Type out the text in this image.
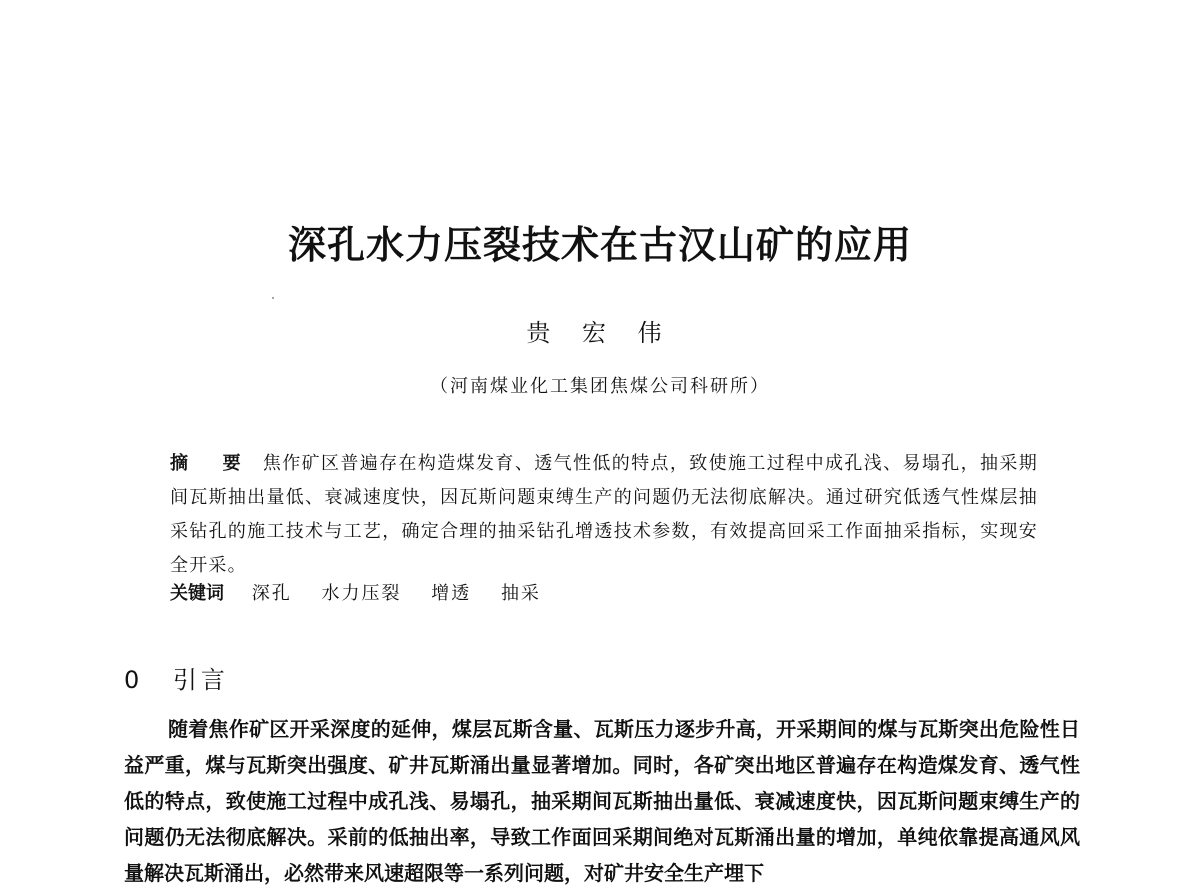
深孔水力压裂技术在古汉山矿的应用
贵 宏 伟
（河南煤业化工集团焦煤公司科研所）
摘 要 焦作矿区普遍存在构造煤发育、透气性低的特点，致使施工过程中成孔浅、易塌孔，抽采期间瓦斯抽出量低、衰减速度快，因瓦斯问题束缚生产的问题仍无法彻底解决。通过研究低透气性煤层抽采钻孔的施工技术与工艺，确定合理的抽采钻孔增透技术参数，有效提高回采工作面抽采指标，实现安全开采。
关键词 深孔 水力压裂 增透 抽采
0 引言
随着焦作矿区开采深度的延伸，煤层瓦斯含量、瓦斯压力逐步升高，开采期间的煤与瓦斯突出危险性日益严重，煤与瓦斯突出强度、矿井瓦斯涌出量显著增加。同时，各矿突出地区普遍存在构造煤发育、透气性低的特点，致使施工过程中成孔浅、易塌孔，抽采期间瓦斯抽出量低、衰减速度快，因瓦斯问题束缚生产的问题仍无法彻底解决。采前的低抽出率，导致工作面回采期间绝对瓦斯涌出量的增加，单纯依靠提高通风风量解决瓦斯涌出，必然带来风速超限等一系列问题，对矿井安全生产埋下
